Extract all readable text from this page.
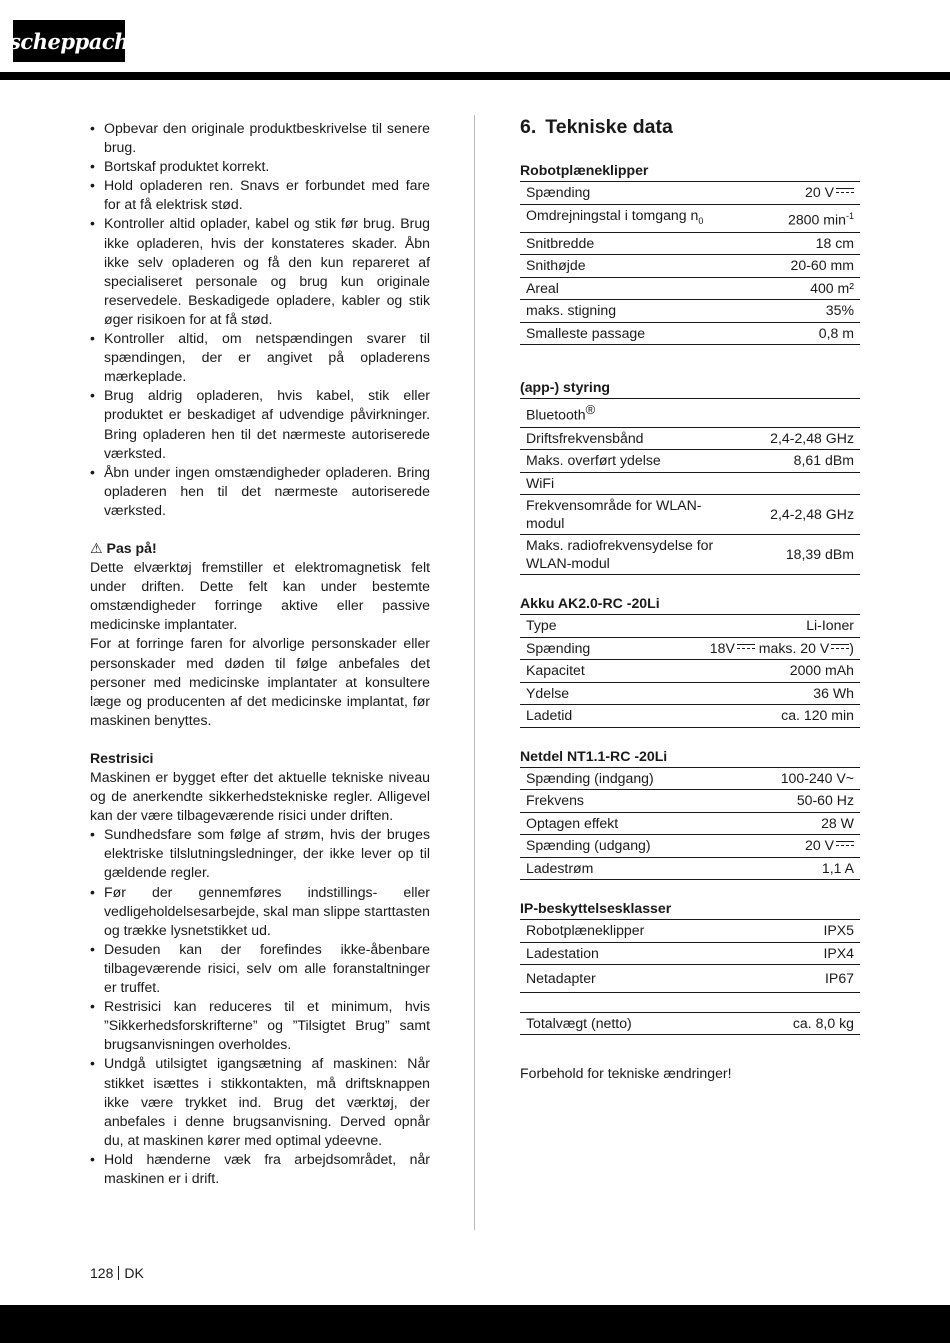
scheppach
• Opbevar den originale produktbeskrivelse til senere brug.
• Bortskaf produktet korrekt.
• Hold opladeren ren. Snavs er forbundet med fare for at få elektrisk stød.
• Kontroller altid oplader, kabel og stik før brug. Brug ikke opladeren, hvis der konstateres skader. Åbn ikke selv opladeren og få den kun repareret af specialiseret personale og brug kun originale reservedele. Beskadigede opladere, kabler og stik øger risikoen for at få stød.
• Kontroller altid, om netspændingen svarer til spændingen, der er angivet på opladerens mærkeplade.
• Brug aldrig opladeren, hvis kabel, stik eller produktet er beskadiget af udvendige påvirkninger. Bring opladeren hen til det nærmeste autoriserede værksted.
• Åbn under ingen omstændigheder opladeren. Bring opladeren hen til det nærmeste autoriserede værksted.

⚠ Pas på!

Dette elværktøj fremstiller et elektromagnetisk felt under driften. Dette felt kan under bestemte omstændigheder forringe aktive eller passive medicinske implantater.

For at forringe faren for alvorlige personskader eller personskader med døden til følge anbefales det personer med medicinske implantater at konsultere læge og producenten af det medicinske implantat, før maskinen benyttes.

Restrisici

Maskinen er bygget efter det aktuelle tekniske niveau og de anerkendte sikkerhedstekniske regler. Alligevel kan der være tilbageværende risici under driften.

• Sundhedsfare som følge af strøm, hvis der bruges elektriske tilslutningsledninger, der ikke lever op til gældende regler.
• Før der gennemføres indstillings- eller vedligeholdelsesarbejde, skal man slippe starttasten og trække lysnetstikket ud.
• Desuden kan der forefindes ikke-åbenbare tilbageværende risici, selv om alle foranstaltninger er truffet.
• Restrisici kan reduceres til et minimum, hvis ”Sikkerhedsforskrifterne” og ”Tilsigtet Brug” samt brugsanvisningen overholdes.
• Undgå utilsigtet igangsætning af maskinen: Når stikket isættes i stikkontakten, må driftsknappen ikke være trykket ind. Brug det værktøj, der anbefales i denne brugsanvisning. Derved opnår du, at maskinen kører med optimal ydeevne.
• Hold hænderne væk fra arbejdsområdet, når maskinen er i drift.
128 DK
6. Tekniske data
Robotplæneklipper
Spænding	20 V
Omdrejningstal i tomgang $n_0$	2800 $\min^{-1}$
Snitbredde	18 cm
Snithøjde	20-60 mm
Areal	400 m²
maks. stigning	35%
Smalleste passage	0,8 m
(app-) styring
Bluetooth®
Driftsfrekvensbånd	2,4-2,48 GHz
Maks. overført ydelse	8,61 dBm
WiFi	
Frekvensområde for WLAN-modul	2,4-2,48 GHz
Maks. radiofrekvensydelse for WLAN-modul	18,39 dBm
Akku AK2.0-RC -20Li
Type	Li-Ioner
Spænding	18V maks. 20 V )
Kapacitet	2000 mAh
Ydelse	36 Wh
Ladetid	ca. 120 min
Netdel NT1.1-RC -20Li
Spænding (indgang)	100-240 V~
Frekvens	50-60 Hz
Optagen effekt	28 W
Spænding (udgang)	20 V
Ladestrøm	1,1 A
IP-beskyttelsesklasser
Robotplæneklipper	IPX5
Ladestation	IPX4
Netadapter	IP67
Totalvægt (netto)	ca. 8,0 kg
Forbehold for tekniske ændringer!
